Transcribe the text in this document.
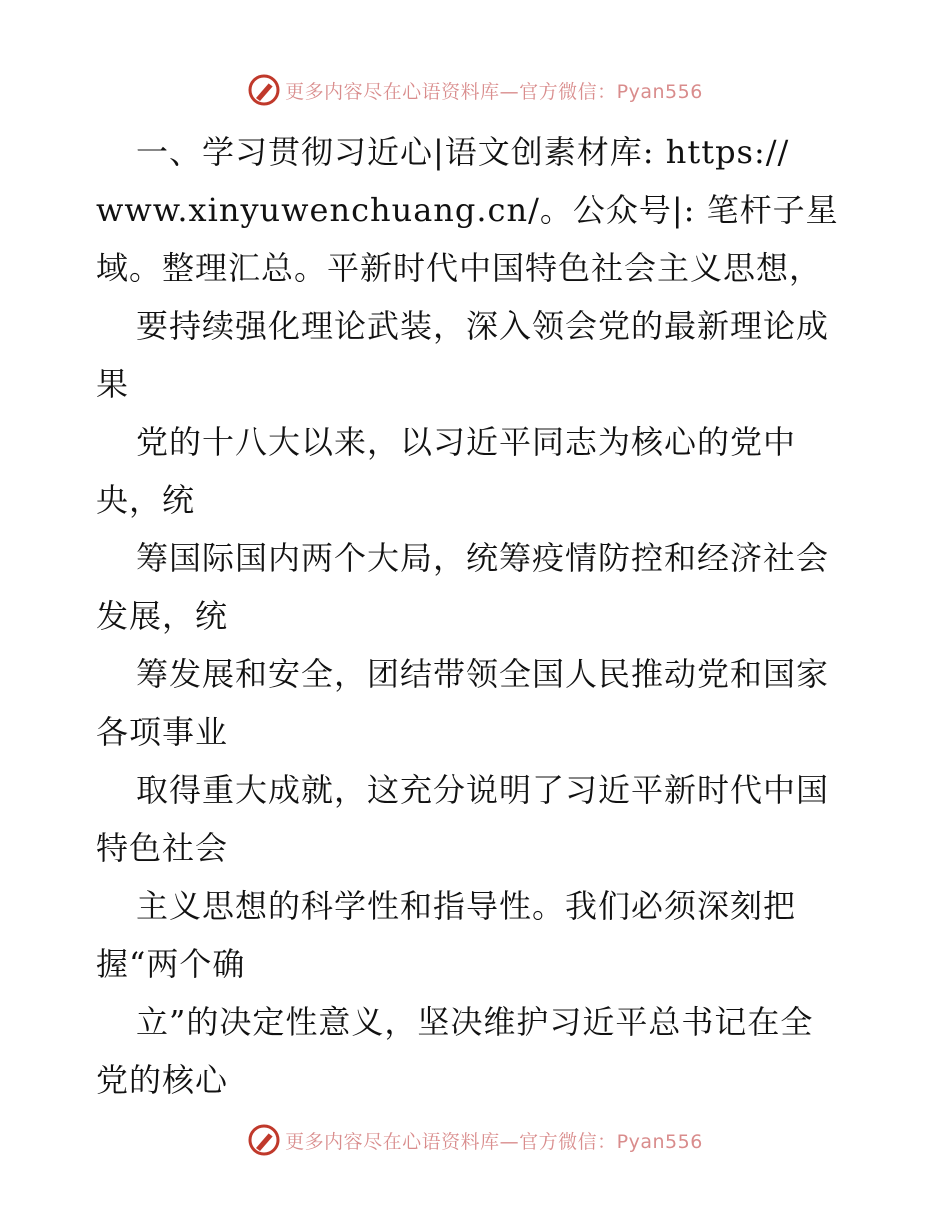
更多内容尽在心语资料库—官方微信：Pyan556
一、学习贯彻习近心|语文创素材库: https://
www.xinyuwenchuang.cn/。公众号|: 笔杆子星
域。整理汇总。平新时代中国特色社会主义思想，
要持续强化理论武装，深入领会党的最新理论成
果
党的十八大以来，以习近平同志为核心的党中
央，统
筹国际国内两个大局，统筹疫情防控和经济社会
发展，统
筹发展和安全，团结带领全国人民推动党和国家
各项事业
取得重大成就，这充分说明了习近平新时代中国
特色社会
主义思想的科学性和指导性。我们必须深刻把
握“两个确
立”的决定性意义，坚决维护习近平总书记在全
党的核心
更多内容尽在心语资料库—官方微信：Pyan556
